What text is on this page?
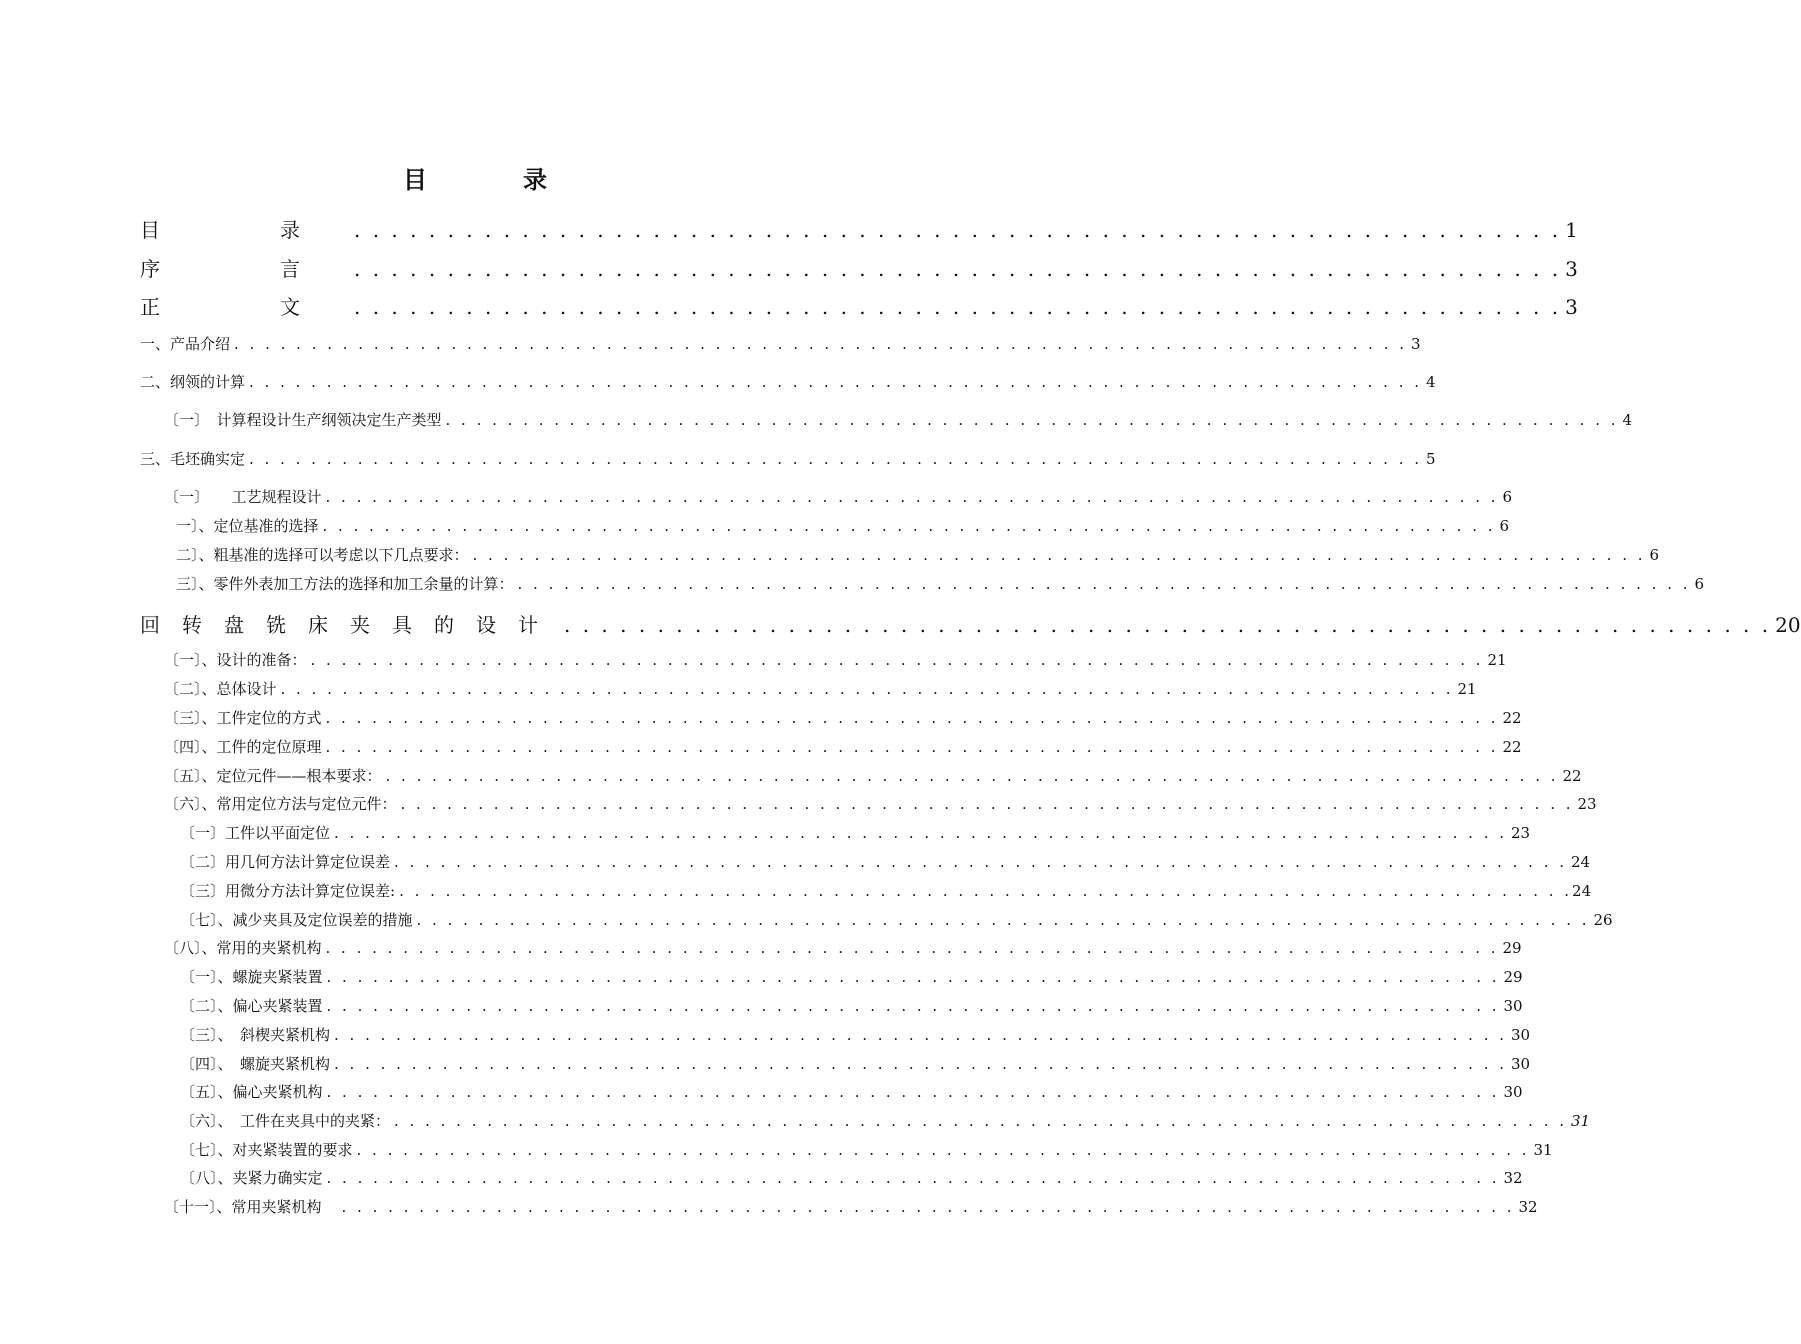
目　录
目　录 . . . . . . . . . . . . . . . . . . . . . . . . . . . . . . . . . . . . . . . . . . . . . . . . . . . . . . . . . . . . . . . . . 1
序　言 . . . . . . . . . . . . . . . . . . . . . . . . . . . . . . . . . . . . . . . . . . . . . . . . . . . . . . . . . . . . . . . . . 3
正　文 . . . . . . . . . . . . . . . . . . . . . . . . . . . . . . . . . . . . . . . . . . . . . . . . . . . . . . . . . . . . . . . . . 3
一、产品介绍 . . . . . . . . . . . . . . . . . . . . . . . . . . . . . . . . . . . . . . . . . . . . . . . . . . . . . . . . . . . . . . . . . . . . . . . . . . . . 3
二、纲领的计算 . . . . . . . . . . . . . . . . . . . . . . . . . . . . . . . . . . . . . . . . . . . . . . . . . . . . . . . . . . . . . . . . . . . . . . . . . . . . 4
〔一〕　计算程设计生产纲领决定生产类型 . . . . . . . . . . . . . . . . . . . . . . . . . . . . . . . . . . . . . . . . . . . . . . . . . . . . . . . . . . . . . . . . . . . . . . . . . . . . 4
三、毛坯确实定 . . . . . . . . . . . . . . . . . . . . . . . . . . . . . . . . . . . . . . . . . . . . . . . . . . . . . . . . . . . . . . . . . . . . . . . . . . . . 5
〔一〕　　工艺规程设计 . . . . . . . . . . . . . . . . . . . . . . . . . . . . . . . . . . . . . . . . . . . . . . . . . . . . . . . . . . . . . . . . . . . . . . . . . . . . 6
一〕、定位基准的选择 . . . . . . . . . . . . . . . . . . . . . . . . . . . . . . . . . . . . . . . . . . . . . . . . . . . . . . . . . . . . . . . . . . . . . . . . . . . . 6
二〕、粗基准的选择可以考虑以下几点要求： . . . . . . . . . . . . . . . . . . . . . . . . . . . . . . . . . . . . . . . . . . . . . . . . . . . . . . . . . . . . . . . . . . . . . . . . . . . . 6
三〕、零件外表加工方法的选择和加工余量的计算： . . . . . . . . . . . . . . . . . . . . . . . . . . . . . . . . . . . . . . . . . . . . . . . . . . . . . . . . . . . . . . . . . . . . . . . . . . . . 6
回转盘铣床夹具的设计 . . . . . . . . . . . . . . . . . . . . . . . . . . . . . . . . . . . . . . . . . . . . . . . . . . . . . . . . . . . . . . . . . 20
〔一〕、设计的准备： . . . . . . . . . . . . . . . . . . . . . . . . . . . . . . . . . . . . . . . . . . . . . . . . . . . . . . . . . . . . . . . . . . . . . . . . . . . . 21
〔二〕、总体设计 . . . . . . . . . . . . . . . . . . . . . . . . . . . . . . . . . . . . . . . . . . . . . . . . . . . . . . . . . . . . . . . . . . . . . . . . . . . . 21
〔三〕、工件定位的方式 . . . . . . . . . . . . . . . . . . . . . . . . . . . . . . . . . . . . . . . . . . . . . . . . . . . . . . . . . . . . . . . . . . . . . . . . . . . . 22
〔四〕、工件的定位原理 . . . . . . . . . . . . . . . . . . . . . . . . . . . . . . . . . . . . . . . . . . . . . . . . . . . . . . . . . . . . . . . . . . . . . . . . . . . . 22
〔五〕、定位元件——根本要求： . . . . . . . . . . . . . . . . . . . . . . . . . . . . . . . . . . . . . . . . . . . . . . . . . . . . . . . . . . . . . . . . . . . . . . . . . . . . 22
〔六〕、常用定位方法与定位元件： . . . . . . . . . . . . . . . . . . . . . . . . . . . . . . . . . . . . . . . . . . . . . . . . . . . . . . . . . . . . . . . . . . . . . . . . . . . . 23
〔一〕工件以平面定位 . . . . . . . . . . . . . . . . . . . . . . . . . . . . . . . . . . . . . . . . . . . . . . . . . . . . . . . . . . . . . . . . . . . . . . . . . . . . 23
〔二〕用几何方法计算定位误差 . . . . . . . . . . . . . . . . . . . . . . . . . . . . . . . . . . . . . . . . . . . . . . . . . . . . . . . . . . . . . . . . . . . . . . . . . . . . 24
〔三〕用微分方法计算定位误差: . . . . . . . . . . . . . . . . . . . . . . . . . . . . . . . . . . . . . . . . . . . . . . . . . . . . . . . . . . . . . . . . . . . . . . . . . . . . 24
〔七〕、减少夹具及定位误差的措施 . . . . . . . . . . . . . . . . . . . . . . . . . . . . . . . . . . . . . . . . . . . . . . . . . . . . . . . . . . . . . . . . . . . . . . . . . . . . 26
〔八〕、常用的夹紧机构 . . . . . . . . . . . . . . . . . . . . . . . . . . . . . . . . . . . . . . . . . . . . . . . . . . . . . . . . . . . . . . . . . . . . . . . . . . . . 29
〔一〕、螺旋夹紧装置 . . . . . . . . . . . . . . . . . . . . . . . . . . . . . . . . . . . . . . . . . . . . . . . . . . . . . . . . . . . . . . . . . . . . . . . . . . . . 29
〔二〕、偏心夹紧装置 . . . . . . . . . . . . . . . . . . . . . . . . . . . . . . . . . . . . . . . . . . . . . . . . . . . . . . . . . . . . . . . . . . . . . . . . . . . . 30
〔三〕、　斜楔夹紧机构 . . . . . . . . . . . . . . . . . . . . . . . . . . . . . . . . . . . . . . . . . . . . . . . . . . . . . . . . . . . . . . . . . . . . . . . . . . . . 30
〔四〕、　螺旋夹紧机构 . . . . . . . . . . . . . . . . . . . . . . . . . . . . . . . . . . . . . . . . . . . . . . . . . . . . . . . . . . . . . . . . . . . . . . . . . . . . 30
〔五〕、偏心夹紧机构 . . . . . . . . . . . . . . . . . . . . . . . . . . . . . . . . . . . . . . . . . . . . . . . . . . . . . . . . . . . . . . . . . . . . . . . . . . . . 30
〔六〕、　工件在夹具中的夹紧： . . . . . . . . . . . . . . . . . . . . . . . . . . . . . . . . . . . . . . . . . . . . . . . . . . . . . . . . . . . . . . . . . . . . . . . . . . . . 31
〔七〕、对夹紧装置的要求 . . . . . . . . . . . . . . . . . . . . . . . . . . . . . . . . . . . . . . . . . . . . . . . . . . . . . . . . . . . . . . . . . . . . . . . . . . . . 31
〔八〕、夹紧力确实定 . . . . . . . . . . . . . . . . . . . . . . . . . . . . . . . . . . . . . . . . . . . . . . . . . . . . . . . . . . . . . . . . . . . . . . . . . . . . 32
〔十一〕、常用夹紧机构 . . . . . . . . . . . . . . . . . . . . . . . . . . . . . . . . . . . . . . . . . . . . . . . . . . . . . . . . . . . . . . . . . . . . . . . . . . . . 32
